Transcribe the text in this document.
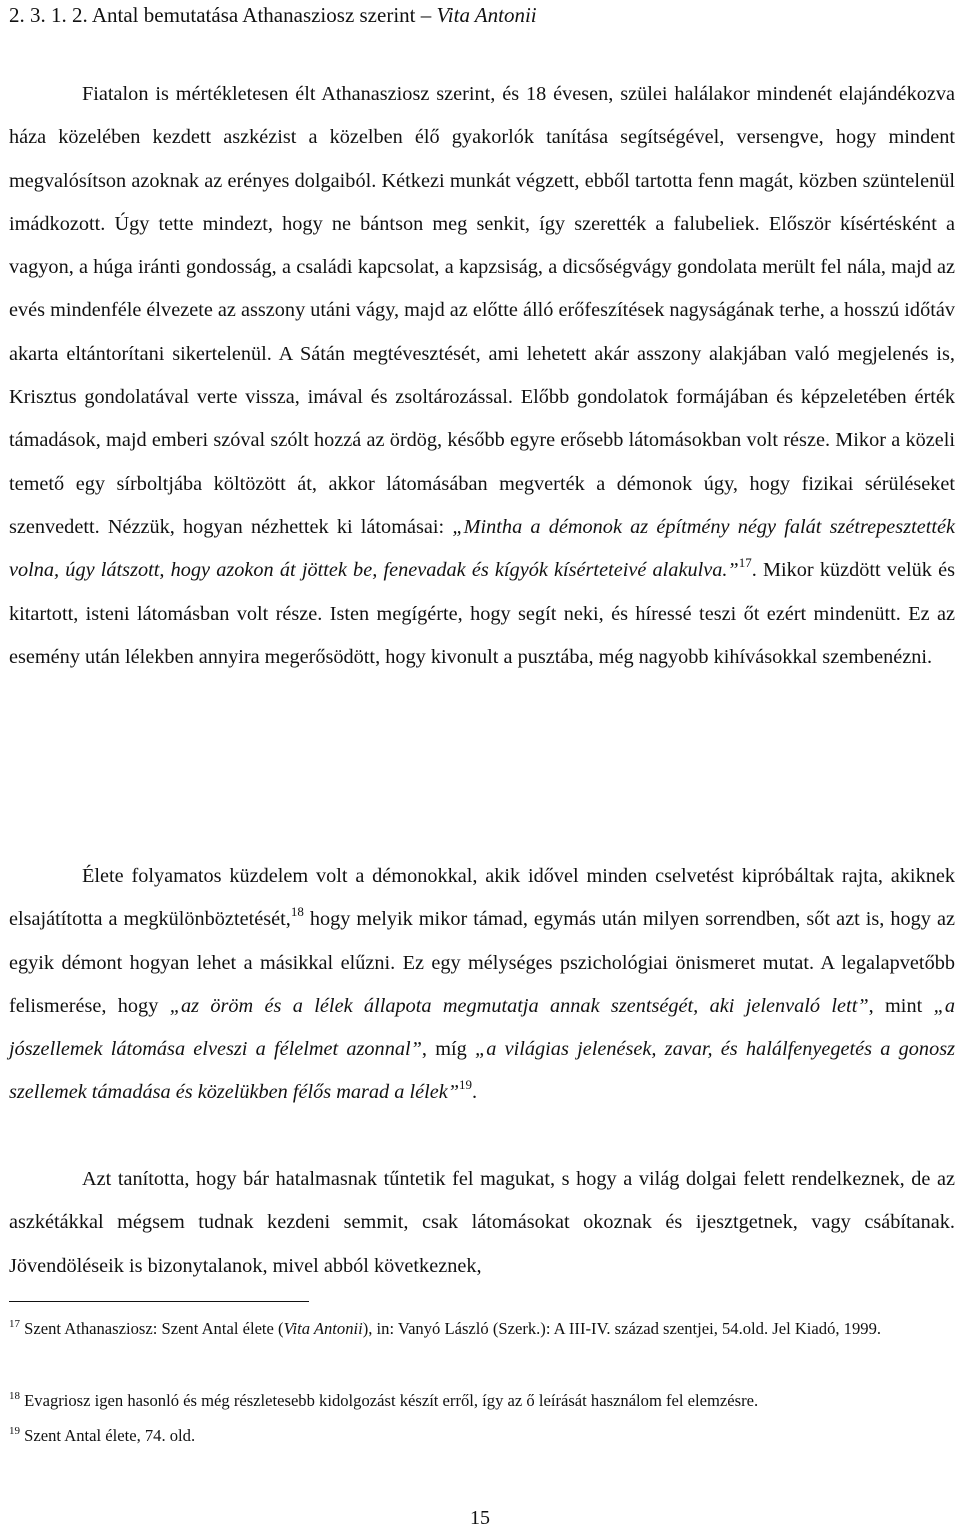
2. 3. 1. 2. Antal bemutatása Athanasziosz szerint – Vita Antonii

Fiatalon is mértékletesen élt Athanasziosz szerint, és 18 évesen, szülei halálakor mindenét elajándékozva háza közelében kezdett aszkézist a közelben élő gyakorlók tanítása segítségével, versengve, hogy mindent megvalósítson azoknak az erényes dolgaiból. Kétkezi munkát végzett, ebből tartotta fenn magát, közben szüntelenül imádkozott. Úgy tette mindezt, hogy ne bántson meg senkit, így szerették a falubeliek. Először kísértésként a vagyon, a húga iránti gondosság, a családi kapcsolat, a kapzsiság, a dicsőségvágy gondolata merült fel nála, majd az evés mindenféle élvezete az asszony utáni vágy, majd az előtte álló erőfeszítések nagyságának terhe, a hosszú időtáv akarta eltántorítani sikertelenül. A Sátán megtévesztését, ami lehetett akár asszony alakjában való megjelenés is, Krisztus gondolatával verte vissza, imával és zsoltározással. Előbb gondolatok formájában és képzeletében érték támadások, majd emberi szóval szólt hozzá az ördög, később egyre erősebb látomásokban volt része. Mikor a közeli temető egy sírboltjába költözött át, akkor látomásában megverték a démonok úgy, hogy fizikai sérüléseket szenvedett. Nézzük, hogyan nézhettek ki látomásai: „Mintha a démonok az építmény négy falát szétrepesztették volna, úgy látszott, hogy azokon át jöttek be, fenevadak és kígyók kísérteteivé alakulva.”$^{17}$. Mikor küzdött velük és kitartott, isteni látomásban volt része. Isten megígérte, hogy segít neki, és híressé teszi őt ezért mindenütt. Ez az esemény után lélekben annyira megerősödött, hogy kivonult a pusztába, még nagyobb kihívásokkal szembenézni.

Élete folyamatos küzdelem volt a démonokkal, akik idővel minden cselvetést kipróbáltak rajta, akiknek elsajátította a megkülönböztetését,$^{18}$ hogy melyik mikor támad, egymás után milyen sorrendben, sőt azt is, hogy az egyik démont hogyan lehet a másikkal elűzni. Ez egy mélységes pszichológiai önismeret mutat. A legalapvetőbb felismerése, hogy „az öröm és a lélek állapota megmutatja annak szentségét, aki jelenvaló lett”, mint „a jószellemek látomása elveszi a félelmet azonnal”, míg „a világias jelenések, zavar, és halálfenyegetés a gonosz szellemek támadása és közelükben félős marad a lélek”$^{19}$.

Azt tanította, hogy bár hatalmasnak tűntetik fel magukat, s hogy a világ dolgai felett rendelkeznek, de az aszkétákkal mégsem tudnak kezdeni semmit, csak látomásokat okoznak és ijesztgetnek, vagy csábítanak. Jövendöléseik is bizonytalanok, mivel abból következnek,

$^{17}$ Szent Athanasziosz: Szent Antal élete (Vita Antonii), in: Vanyó László (Szerk.): A III-IV. század szentjei, 54.old. Jel Kiadó, 1999.

$^{18}$ Evagriosz igen hasonló és még részletesebb kidolgozást készít erről, így az ő leírását használom fel elemzésre.

$^{19}$ Szent Antal élete, 74. old.

15
